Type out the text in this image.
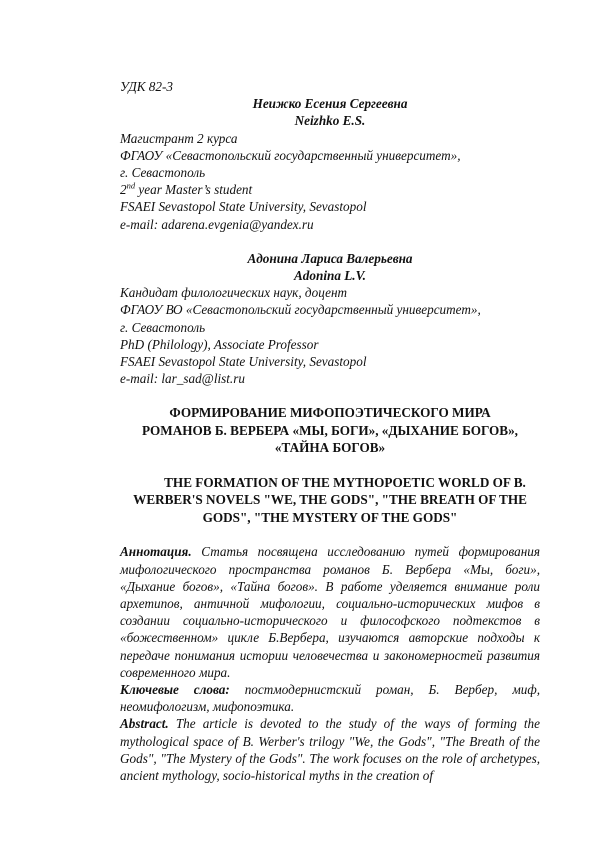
УДК 82-3
Неижко Есения Сергеевна
Neizhko E.S.
Магистрант 2 курса
ФГАОУ «Севастопольский государственный университет»,
г. Севастополь
2nd year Master’s student
FSAEI Sevastopol State University, Sevastopol
e-mail: adarena.evgenia@yandex.ru
Адонина Лариса Валерьевна
Adonina L.V.
Кандидат филологических наук, доцент
ФГАОУ ВО «Севастопольский государственный университет»,
г. Севастополь
PhD (Philology), Associate Professor
FSAEI Sevastopol State University, Sevastopol
e-mail: lar_sad@list.ru
ФОРМИРОВАНИЕ МИФОПОЭТИЧЕСКОГО МИРА
РОМАНОВ Б. ВЕРБЕРА «МЫ, БОГИ», «ДЫХАНИЕ БОГОВ»,
«ТАЙНА БОГОВ»
THE FORMATION OF THE MYTHOPOETIC WORLD OF B. WERBER'S NOVELS "WE, THE GODS", "THE BREATH OF THE GODS", "THE MYSTERY OF THE GODS"

Аннотация. Статья посвящена исследованию путей формирования мифологического пространства романов Б. Вербера «Мы, боги», «Дыхание богов», «Тайна богов». В работе уделяется внимание роли архетипов, античной мифологии, социально-исторических мифов в создании социально-исторического и философского подтекстов в «божественном» цикле Б.Вербера, изучаются авторские подходы к передаче понимания истории человечества и закономерностей развития современного мира.

Ключевые слова: постмодернистский роман, Б. Вербер, миф, неомифологизм, мифопоэтика.

Abstract. The article is devoted to the study of the ways of forming the mythological space of B. Werber's trilogy "We, the Gods", "The Breath of the Gods", "The Mystery of the Gods". The work focuses on the role of archetypes, ancient mythology, socio-historical myths in the creation of
